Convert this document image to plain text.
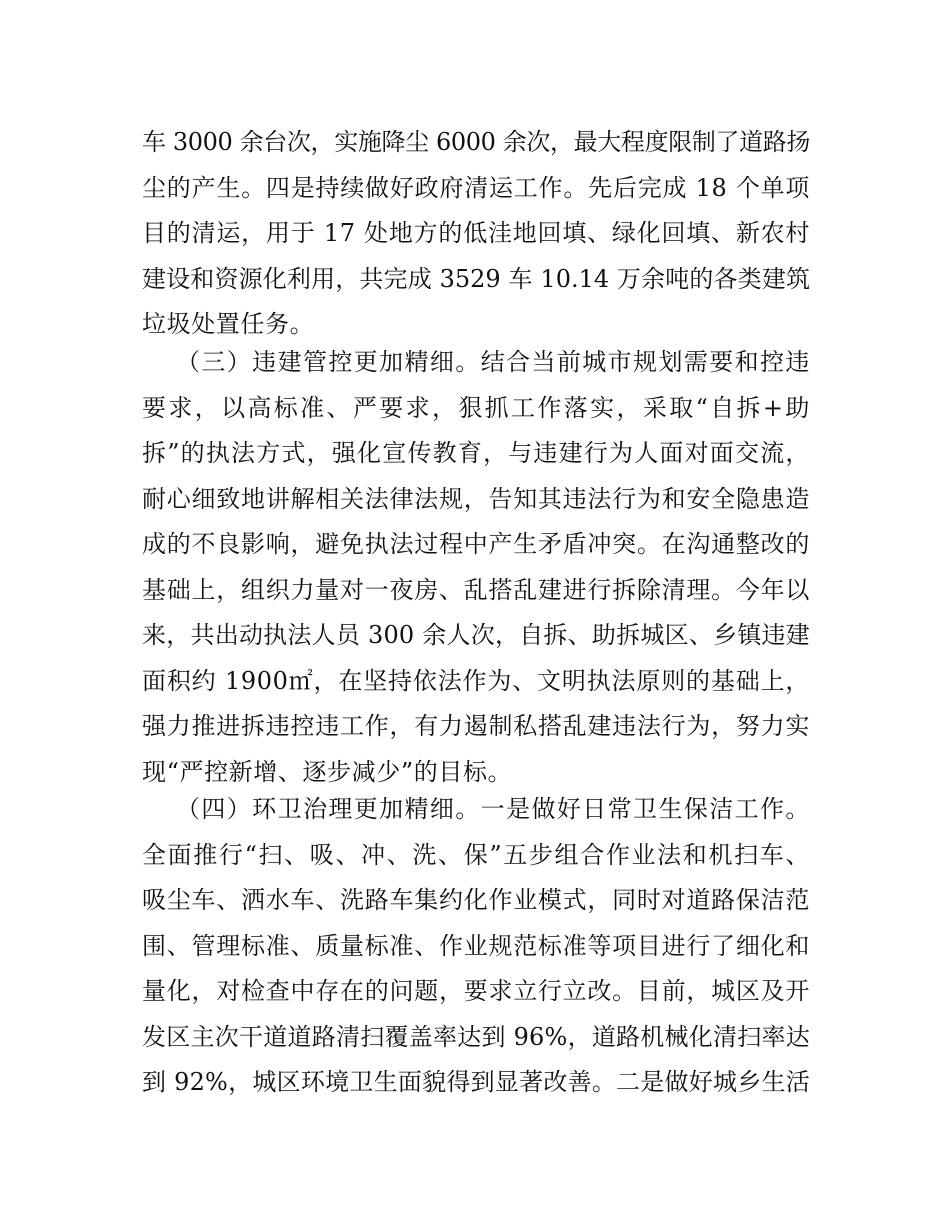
车 3000 余台次，实施降尘 6000 余次，最大程度限制了道路扬
尘的产生。四是持续做好政府清运工作。先后完成 18 个单项
目的清运，用于 17 处地方的低洼地回填、绿化回填、新农村
建设和资源化利用，共完成 3529 车 10.14 万余吨的各类建筑
垃圾处置任务。
（三）违建管控更加精细。结合当前城市规划需要和控违
要求，以高标准、严要求，狠抓工作落实，采取“自拆+助
拆”的执法方式，强化宣传教育，与违建行为人面对面交流，
耐心细致地讲解相关法律法规，告知其违法行为和安全隐患造
成的不良影响，避免执法过程中产生矛盾冲突。在沟通整改的
基础上，组织力量对一夜房、乱搭乱建进行拆除清理。今年以
来，共出动执法人员 300 余人次，自拆、助拆城区、乡镇违建
面积约 1900㎡，在坚持依法作为、文明执法原则的基础上，
强力推进拆违控违工作，有力遏制私搭乱建违法行为，努力实
现“严控新增、逐步减少”的目标。
（四）环卫治理更加精细。一是做好日常卫生保洁工作。
全面推行“扫、吸、冲、洗、保”五步组合作业法和机扫车、
吸尘车、洒水车、洗路车集约化作业模式，同时对道路保洁范
围、管理标准、质量标准、作业规范标准等项目进行了细化和
量化，对检查中存在的问题，要求立行立改。目前，城区及开
发区主次干道道路清扫覆盖率达到 96%，道路机械化清扫率达
到 92%，城区环境卫生面貌得到显著改善。二是做好城乡生活
